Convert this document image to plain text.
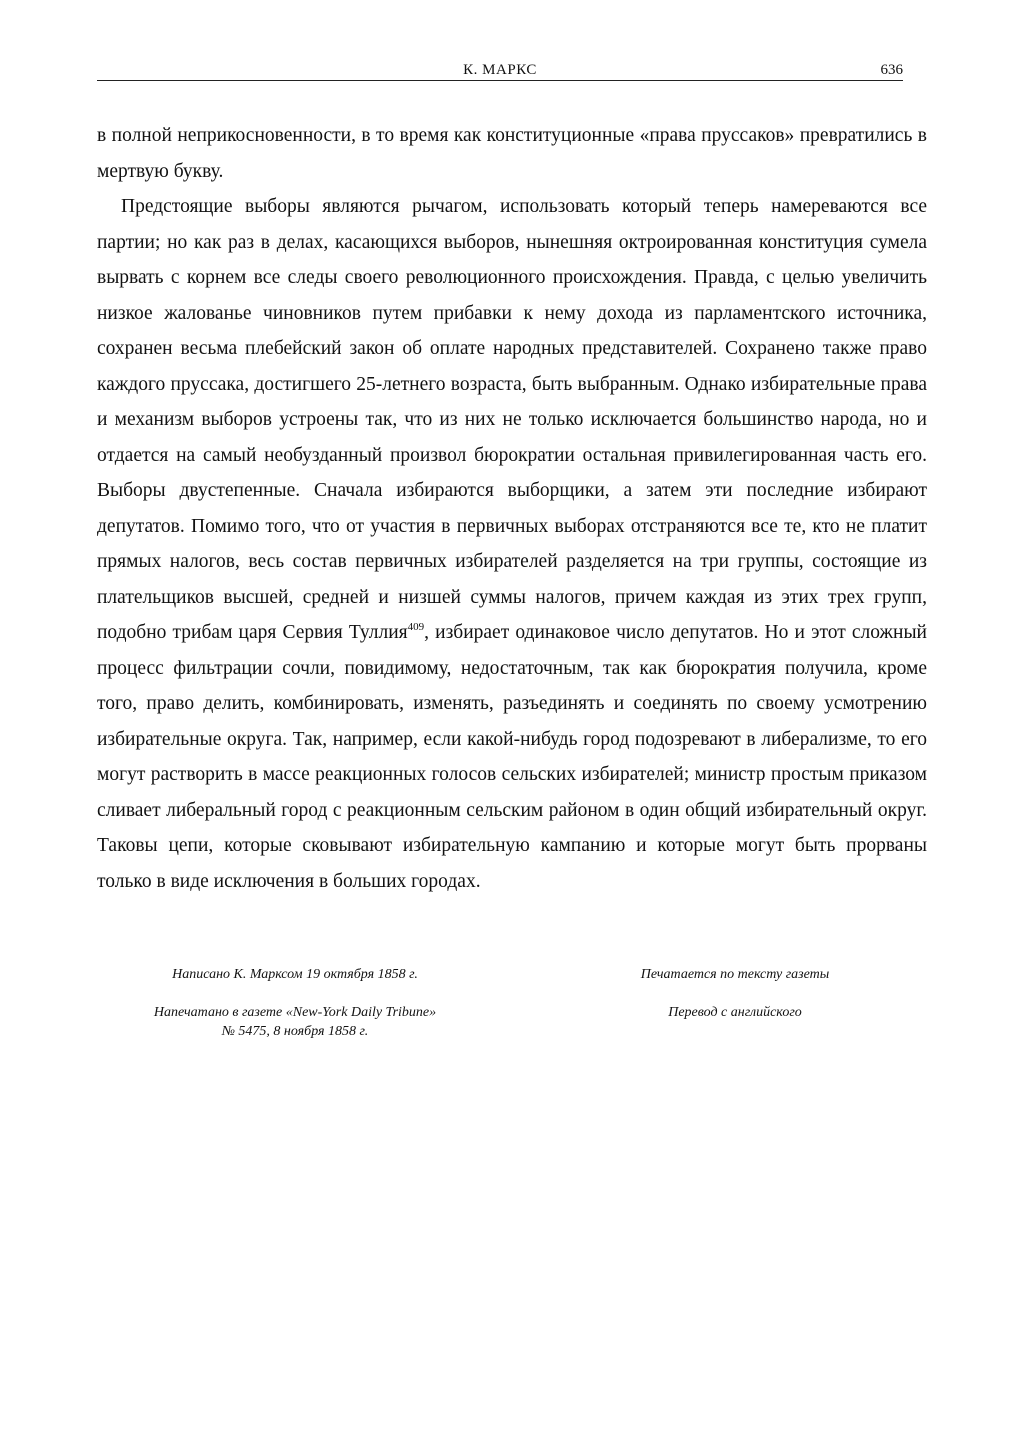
К. МАРКС	636

в полной неприкосновенности, в то время как конституционные «права пруссаков» превратились в мертвую букву.

Предстоящие выборы являются рычагом, использовать который теперь намереваются все партии; но как раз в делах, касающихся выборов, нынешняя октроированная конституция сумела вырвать с корнем все следы своего революционного происхождения. Правда, с целью увеличить низкое жалованье чиновников путем прибавки к нему дохода из парламентского источника, сохранен весьма плебейский закон об оплате народных представителей. Сохранено также право каждого пруссака, достигшего 25-летнего возраста, быть выбранным. Однако избирательные права и механизм выборов устроены так, что из них не только исключается большинство народа, но и отдается на самый необузданный произвол бюрократии остальная привилегированная часть его. Выборы двустепенные. Сначала избираются выборщики, а затем эти последние избирают депутатов. Помимо того, что от участия в первичных выборах отстраняются все те, кто не платит прямых налогов, весь состав первичных избирателей разделяется на три группы, состоящие из плательщиков высшей, средней и низшей суммы налогов, причем каждая из этих трех групп, подобно трибам царя Сервия Туллия$^{409}$, избирает одинаковое число депутатов. Но и этот сложный процесс фильтрации сочли, повидимому, недостаточным, так как бюрократия получила, кроме того, право делить, комбинировать, изменять, разъединять и соединять по своему усмотрению избирательные округа. Так, например, если какой-нибудь город подозревают в либерализме, то его могут растворить в массе реакционных голосов сельских избирателей; министр простым приказом сливает либеральный город с реакционным сельским районом в один общий избирательный округ. Таковы цепи, которые сковывают избирательную кампанию и которые могут быть прорваны только в виде исключения в больших городах.

Написано К. Марксом 19 октября 1858 г.
Напечатано в газете «New-York Daily Tribune»
№ 5475, 8 ноября 1858 г.
Печатается по тексту газеты
Перевод с английского
